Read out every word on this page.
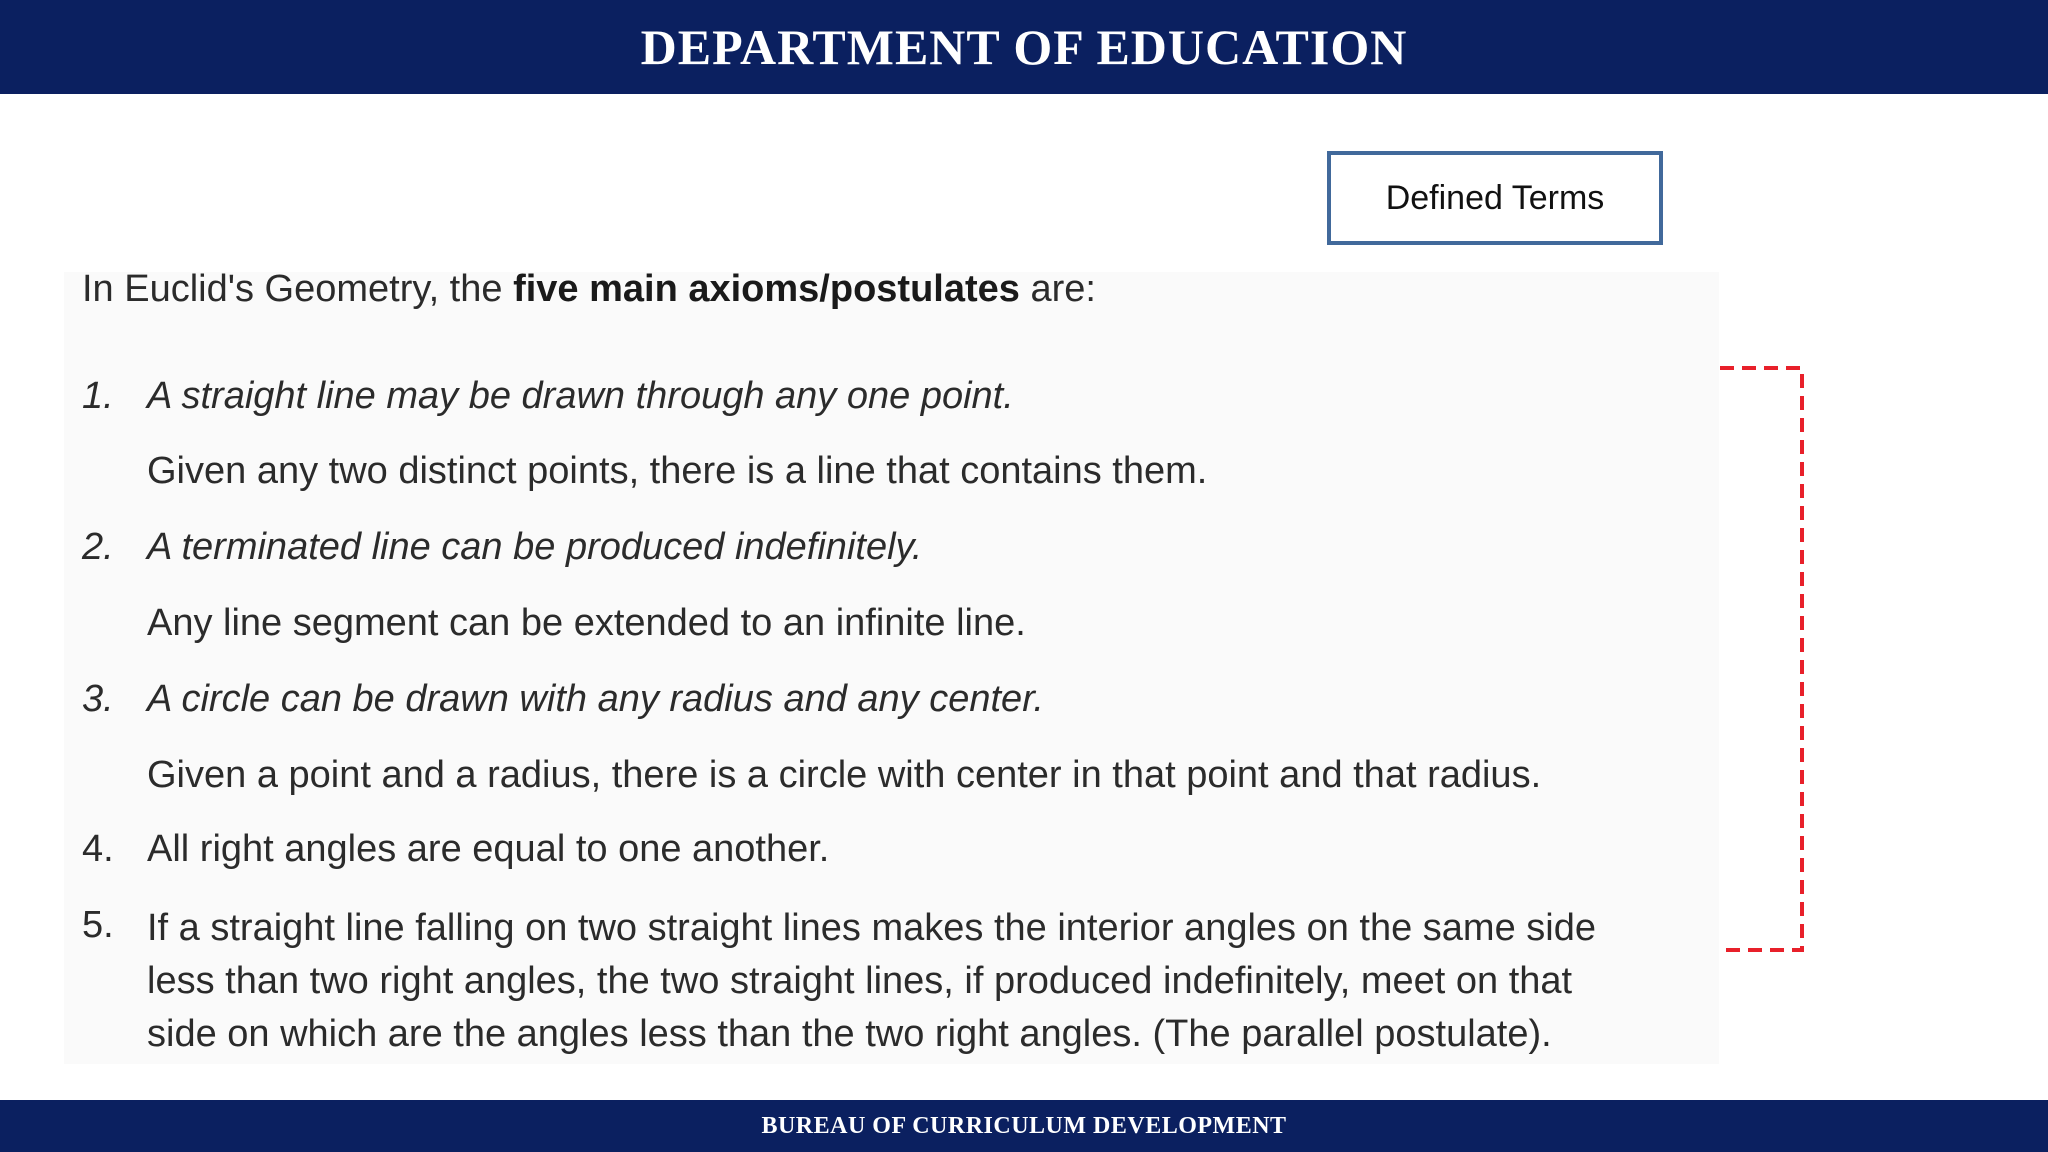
DEPARTMENT OF EDUCATION
Defined Terms
In Euclid's Geometry, the five main axioms/postulates are:
1. A straight line may be drawn through any one point.
Given any two distinct points, there is a line that contains them.
2. A terminated line can be produced indefinitely.
Any line segment can be extended to an infinite line.
3. A circle can be drawn with any radius and any center.
Given a point and a radius, there is a circle with center in that point and that radius.
4. All right angles are equal to one another.
5. If a straight line falling on two straight lines makes the interior angles on the same side
less than two right angles, the two straight lines, if produced indefinitely, meet on that
side on which are the angles less than the two right angles. (The parallel postulate).
BUREAU OF CURRICULUM DEVELOPMENT
